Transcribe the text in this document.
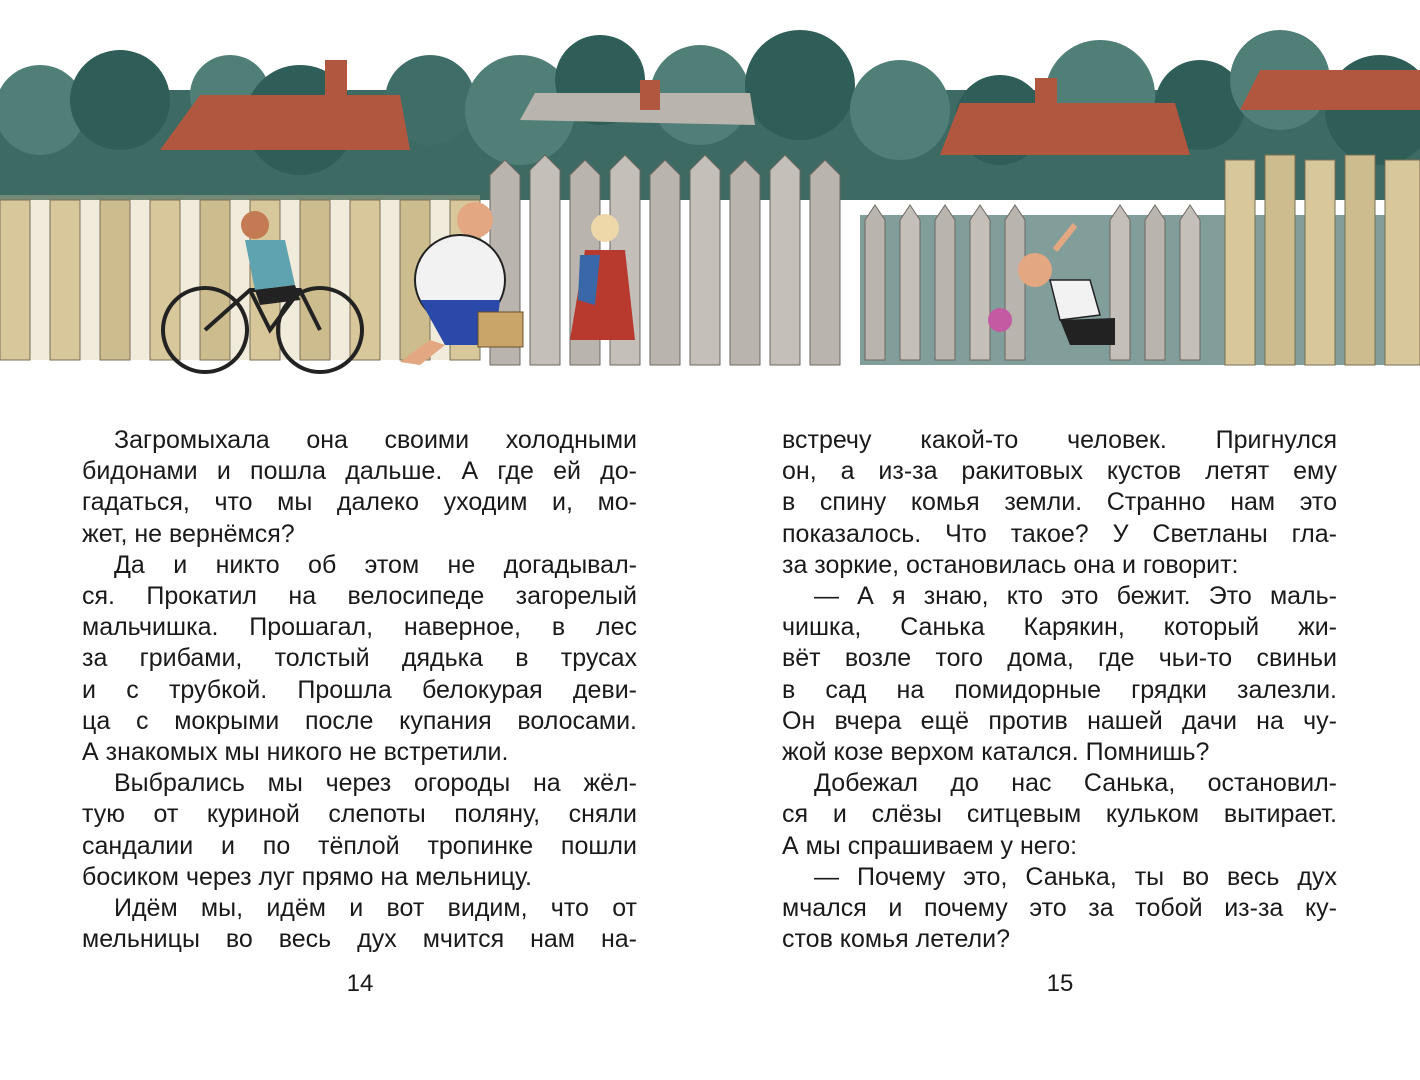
Загромыхала она своими холодными
бидонами и пошла дальше. А где ей до-
гадаться, что мы далеко уходим и, мо-
жет, не вернёмся?

Да и никто об этом не догадывал-
ся. Прокатил на велосипеде загорелый
мальчишка. Прошагал, наверное, в лес
за грибами, толстый дядька в трусах
и с трубкой. Прошла белокурая деви-
ца с мокрыми после купания волосами.
А знакомых мы никого не встретили.

Выбрались мы через огороды на жёл-
тую от куриной слепоты поляну, сняли
сандалии и по тёплой тропинке пошли
босиком через луг прямо на мельницу.

Идём мы, идём и вот видим, что от
мельницы во весь дух мчится нам на-

встречу какой-то человек. Пригнулся
он, а из-за ракитовых кустов летят ему
в спину комья земли. Странно нам это
показалось. Что такое? У Светланы гла-
за зоркие, остановилась она и говорит:

— А я знаю, кто это бежит. Это маль-
чишка, Санька Карякин, который жи-
вёт возле того дома, где чьи-то свиньи
в сад на помидорные грядки залезли.
Он вчера ещё против нашей дачи на чу-
жой козе верхом катался. Помнишь?

Добежал до нас Санька, остановил-
ся и слёзы ситцевым кульком вытирает.
А мы спрашиваем у него:

— Почему это, Санька, ты во весь дух
мчался и почему это за тобой из-за ку-
стов комья летели?

14	15
